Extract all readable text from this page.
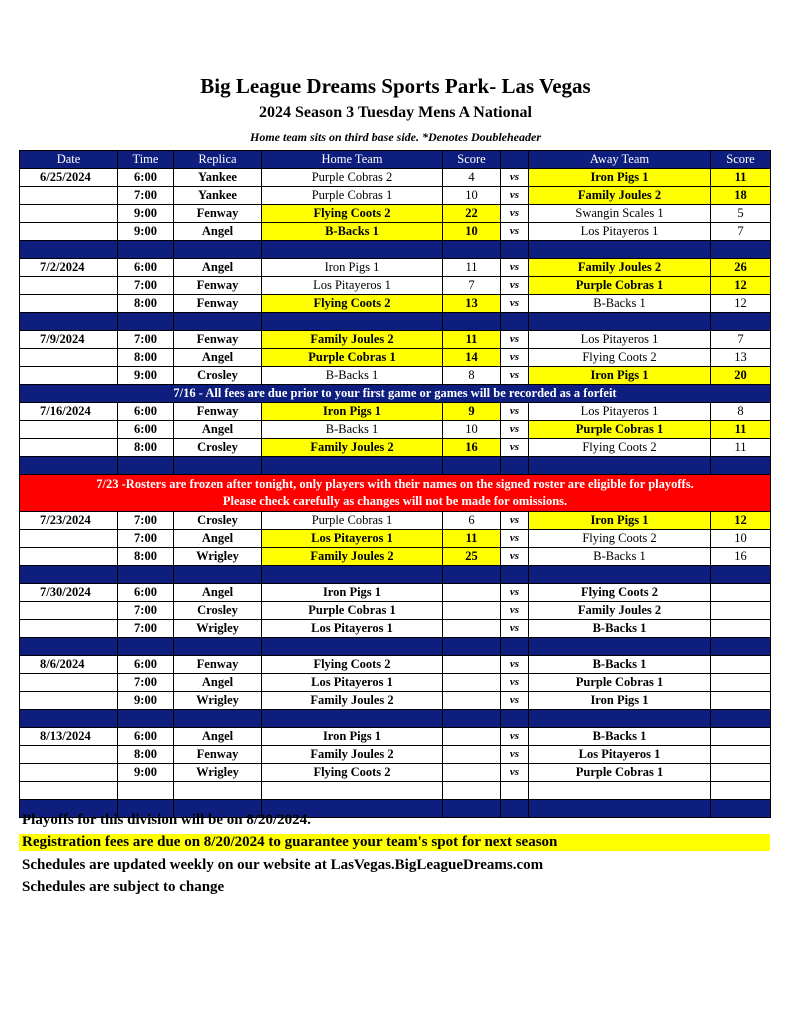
Big League Dreams Sports Park- Las Vegas
2024 Season 3 Tuesday Mens A National
Home team sits on third base side. *Denotes Doubleheader
Date	Time	Replica	Home Team	Score		Away Team	Score
6/25/2024	6:00	Yankee	Purple Cobras 2	4	vs	Iron Pigs 1	11
	7:00	Yankee	Purple Cobras 1	10	vs	Family Joules 2	18
	9:00	Fenway	Flying Coots 2	22	vs	Swangin Scales 1	5
	9:00	Angel	B-Backs 1	10	vs	Los Pitayeros 1	7

7/2/2024	6:00	Angel	Iron Pigs 1	11	vs	Family Joules 2	26
	7:00	Fenway	Los Pitayeros 1	7	vs	Purple Cobras 1	12
	8:00	Fenway	Flying Coots 2	13	vs	B-Backs 1	12

7/9/2024	7:00	Fenway	Family Joules 2	11	vs	Los Pitayeros 1	7
	8:00	Angel	Purple Cobras 1	14	vs	Flying Coots 2	13
	9:00	Crosley	B-Backs 1	8	vs	Iron Pigs 1	20
7/16 - All fees are due prior to your first game or games will be recorded as a forfeit							
7/16/2024	6:00	Fenway	Iron Pigs 1	9	vs	Los Pitayeros 1	8
	6:00	Angel	B-Backs 1	10	vs	Purple Cobras 1	11
	8:00	Crosley	Family Joules 2	16	vs	Flying Coots 2	11

7/23 -Rosters are frozen after tonight, only players with their names on the signed roster are eligible for playoffs.
Please check carefully as changes will not be made for omissions.							

7/23/2024	7:00	Crosley	Purple Cobras 1	6	vs	Iron Pigs 1	12
	7:00	Angel	Los Pitayeros 1	11	vs	Flying Coots 2	10
	8:00	Wrigley	Family Joules 2	25	vs	B-Backs 1	16

7/30/2024	6:00	Angel	Iron Pigs 1		vs	Flying Coots 2	
	7:00	Crosley	Purple Cobras 1		vs	Family Joules 2	
	7:00	Wrigley	Los Pitayeros 1		vs	B-Backs 1	

8/6/2024	6:00	Fenway	Flying Coots 2		vs	B-Backs 1	
	7:00	Angel	Los Pitayeros 1		vs	Purple Cobras 1	
	9:00	Wrigley	Family Joules 2		vs	Iron Pigs 1	

8/13/2024	6:00	Angel	Iron Pigs 1		vs	B-Backs 1	
	8:00	Fenway	Family Joules 2		vs	Los Pitayeros 1	
	9:00	Wrigley	Flying Coots 2		vs	Purple Cobras 1	

Playoffs for this division will be on 8/20/2024.
Registration fees are due on 8/20/2024 to guarantee your team's spot for next season
Schedules are updated weekly on our website at LasVegas.BigLeagueDreams.com
Schedules are subject to change
